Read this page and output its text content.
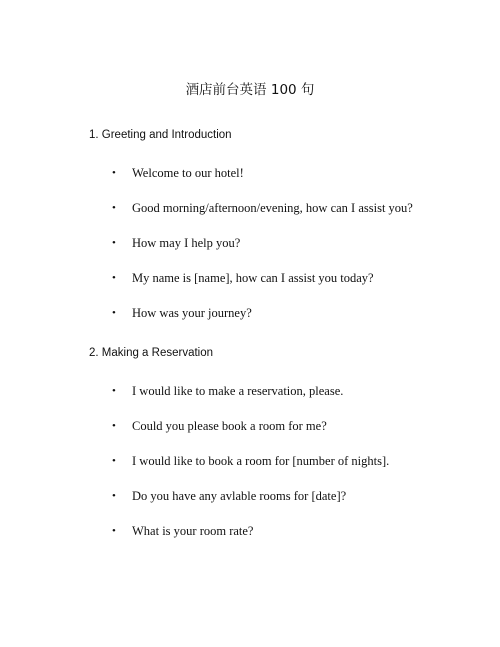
酒店前台英语 100 句
1. Greeting and Introduction
•	Welcome to our hotel!
•	Good morning/afternoon/evening, how can I assist you?
•	How may I help you?
•	My name is [name], how can I assist you today?
•	How was your journey?
2. Making a Reservation
•	I would like to make a reservation, please.
•	Could you please book a room for me?
•	I would like to book a room for [number of nights].
•	Do you have any avlable rooms for [date]?
•	What is your room rate?
